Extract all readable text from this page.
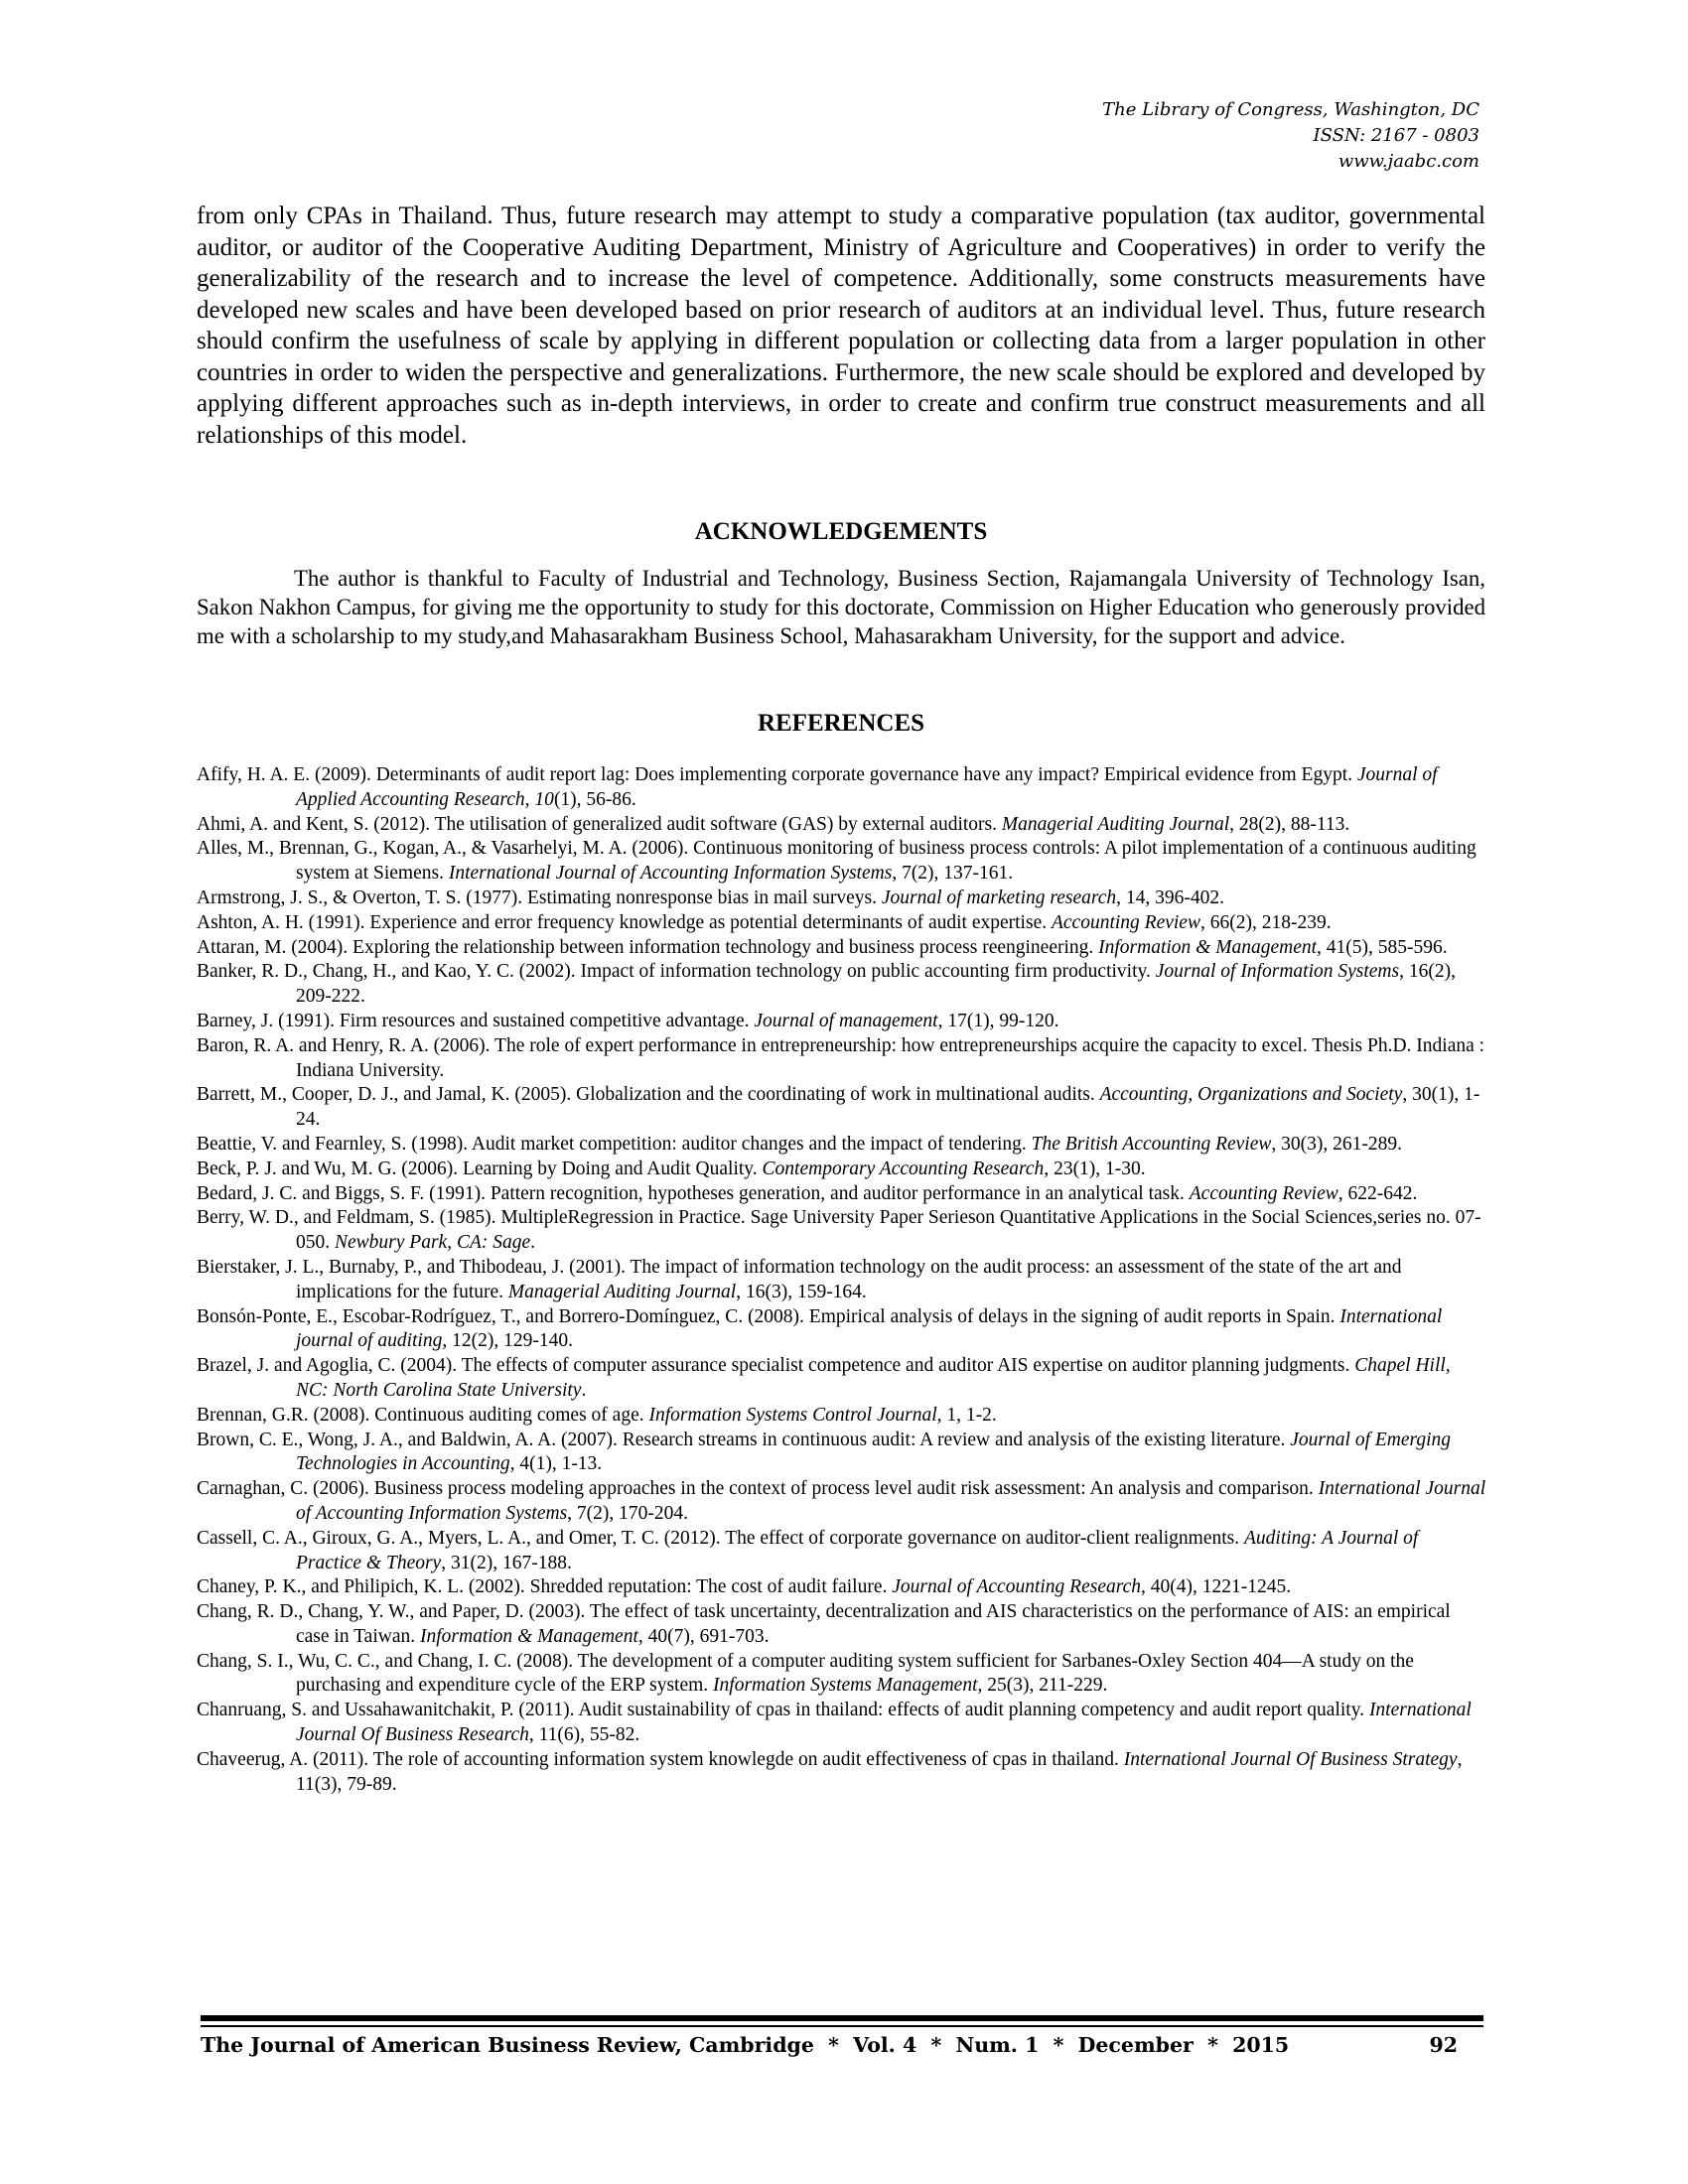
The Library of Congress, Washington, DC
ISSN: 2167 - 0803
www.jaabc.com

from only CPAs in Thailand. Thus, future research may attempt to study a comparative population (tax auditor, governmental auditor, or auditor of the Cooperative Auditing Department, Ministry of Agriculture and Cooperatives) in order to verify the generalizability of the research and to increase the level of competence. Additionally, some constructs measurements have developed new scales and have been developed based on prior research of auditors at an individual level. Thus, future research should confirm the usefulness of scale by applying in different population or collecting data from a larger population in other countries in order to widen the perspective and generalizations. Furthermore, the new scale should be explored and developed by applying different approaches such as in-depth interviews, in order to create and confirm true construct measurements and all relationships of this model.

ACKNOWLEDGEMENTS

The author is thankful to Faculty of Industrial and Technology, Business Section, Rajamangala University of Technology Isan, Sakon Nakhon Campus, for giving me the opportunity to study for this doctorate, Commission on Higher Education who generously provided me with a scholarship to my study,and Mahasarakham Business School, Mahasarakham University, for the support and advice.

REFERENCES
Afify, H. A. E. (2009). Determinants of audit report lag: Does implementing corporate governance have any impact? Empirical evidence from Egypt. Journal of Applied Accounting Research, 10(1), 56-86.
Ahmi, A. and Kent, S. (2012). The utilisation of generalized audit software (GAS) by external auditors. Managerial Auditing Journal, 28(2), 88-113.
Alles, M., Brennan, G., Kogan, A., & Vasarhelyi, M. A. (2006). Continuous monitoring of business process controls: A pilot implementation of a continuous auditing system at Siemens. International Journal of Accounting Information Systems, 7(2), 137-161.
Armstrong, J. S., & Overton, T. S. (1977). Estimating nonresponse bias in mail surveys. Journal of marketing research, 14, 396-402.
Ashton, A. H. (1991). Experience and error frequency knowledge as potential determinants of audit expertise. Accounting Review, 66(2), 218-239.
Attaran, M. (2004). Exploring the relationship between information technology and business process reengineering. Information & Management, 41(5), 585-596.
Banker, R. D., Chang, H., and Kao, Y. C. (2002). Impact of information technology on public accounting firm productivity. Journal of Information Systems, 16(2), 209-222.
Barney, J. (1991). Firm resources and sustained competitive advantage. Journal of management, 17(1), 99-120.
Baron, R. A. and Henry, R. A. (2006). The role of expert performance in entrepreneurship: how entrepreneurships acquire the capacity to excel. Thesis Ph.D. Indiana : Indiana University.
Barrett, M., Cooper, D. J., and Jamal, K. (2005). Globalization and the coordinating of work in multinational audits. Accounting, Organizations and Society, 30(1), 1-24.
Beattie, V. and Fearnley, S. (1998). Audit market competition: auditor changes and the impact of tendering. The British Accounting Review, 30(3), 261-289.
Beck, P. J. and Wu, M. G. (2006). Learning by Doing and Audit Quality. Contemporary Accounting Research, 23(1), 1-30.
Bedard, J. C. and Biggs, S. F. (1991). Pattern recognition, hypotheses generation, and auditor performance in an analytical task. Accounting Review, 622-642.
Berry, W. D., and Feldmam, S. (1985). MultipleRegression in Practice. Sage University Paper Serieson Quantitative Applications in the Social Sciences,series no. 07-050. Newbury Park, CA: Sage.
Bierstaker, J. L., Burnaby, P., and Thibodeau, J. (2001). The impact of information technology on the audit process: an assessment of the state of the art and implications for the future. Managerial Auditing Journal, 16(3), 159-164.
Bonsón-Ponte, E., Escobar-Rodríguez, T., and Borrero-Domínguez, C. (2008). Empirical analysis of delays in the signing of audit reports in Spain. International journal of auditing, 12(2), 129-140.
Brazel, J. and Agoglia, C. (2004). The effects of computer assurance specialist competence and auditor AIS expertise on auditor planning judgments. Chapel Hill, NC: North Carolina State University.
Brennan, G.R. (2008). Continuous auditing comes of age. Information Systems Control Journal, 1, 1-2.
Brown, C. E., Wong, J. A., and Baldwin, A. A. (2007). Research streams in continuous audit: A review and analysis of the existing literature. Journal of Emerging Technologies in Accounting, 4(1), 1-13.
Carnaghan, C. (2006). Business process modeling approaches in the context of process level audit risk assessment: An analysis and comparison. International Journal of Accounting Information Systems, 7(2), 170-204.
Cassell, C. A., Giroux, G. A., Myers, L. A., and Omer, T. C. (2012). The effect of corporate governance on auditor-client realignments. Auditing: A Journal of Practice & Theory, 31(2), 167-188.
Chaney, P. K., and Philipich, K. L. (2002). Shredded reputation: The cost of audit failure. Journal of Accounting Research, 40(4), 1221-1245.
Chang, R. D., Chang, Y. W., and Paper, D. (2003). The effect of task uncertainty, decentralization and AIS characteristics on the performance of AIS: an empirical case in Taiwan. Information & Management, 40(7), 691-703.
Chang, S. I., Wu, C. C., and Chang, I. C. (2008). The development of a computer auditing system sufficient for Sarbanes-Oxley Section 404—A study on the purchasing and expenditure cycle of the ERP system. Information Systems Management, 25(3), 211-229.
Chanruang, S. and Ussahawanitchakit, P. (2011). Audit sustainability of cpas in thailand: effects of audit planning competency and audit report quality. International Journal Of Business Research, 11(6), 55-82.
Chaveerug, A. (2011). The role of accounting information system knowlegde on audit effectiveness of cpas in thailand. International Journal Of Business Strategy, 11(3), 79-89.
The Journal of American Business Review, Cambridge  *  Vol. 4  *  Num. 1  *  December  *  2015	92
